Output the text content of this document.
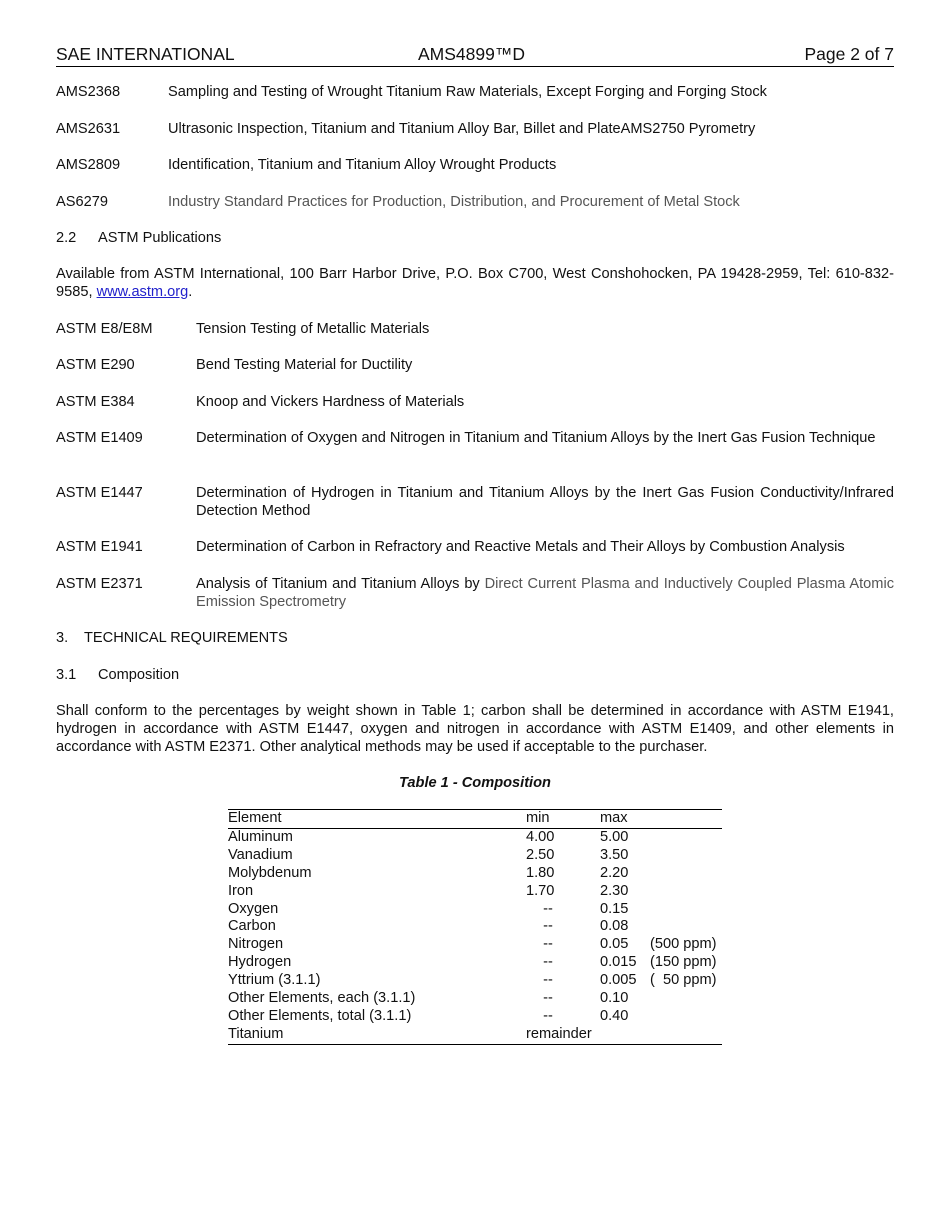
SAE INTERNATIONAL	AMS4899™D	Page 2 of 7
AMS2368	Sampling and Testing of Wrought Titanium Raw Materials, Except Forging and Forging Stock
AMS2631	Ultrasonic Inspection, Titanium and Titanium Alloy Bar, Billet and PlateAMS2750 Pyrometry
AMS2809	Identification, Titanium and Titanium Alloy Wrought Products
AS6279	Industry Standard Practices for Production, Distribution, and Procurement of Metal Stock
2.2 ASTM Publications
Available from ASTM International, 100 Barr Harbor Drive, P.O. Box C700, West Conshohocken, PA 19428-2959, Tel: 610-832-9585, www.astm.org.
ASTM E8/E8M	Tension Testing of Metallic Materials
ASTM E290	Bend Testing Material for Ductility
ASTM E384	Knoop and Vickers Hardness of Materials
ASTM E1409	Determination of Oxygen and Nitrogen in Titanium and Titanium Alloys by the Inert Gas Fusion Technique
ASTM E1447	Determination of Hydrogen in Titanium and Titanium Alloys by the Inert Gas Fusion Conductivity/Infrared Detection Method
ASTM E1941	Determination of Carbon in Refractory and Reactive Metals and Their Alloys by Combustion Analysis
ASTM E2371	Analysis of Titanium and Titanium Alloys by Direct Current Plasma and Inductively Coupled Plasma Atomic Emission Spectrometry
3. TECHNICAL REQUIREMENTS
3.1 Composition
Shall conform to the percentages by weight shown in Table 1; carbon shall be determined in accordance with ASTM E1941, hydrogen in accordance with ASTM E1447, oxygen and nitrogen in accordance with ASTM E1409, and other elements in accordance with ASTM E2371. Other analytical methods may be used if acceptable to the purchaser.
Table 1 - Composition
Element	min	max	
Aluminum	4.00	5.00	
Vanadium	2.50	3.50	
Molybdenum	1.80	2.20	
Iron	1.70	2.30	
Oxygen	--	0.15	
Carbon	--	0.08	
Nitrogen	--	0.05	(500 ppm)
Hydrogen	--	0.015	(150 ppm)
Yttrium (3.1.1)	--	0.005	(  50 ppm)
Other Elements, each (3.1.1)	--	0.10	
Other Elements, total (3.1.1)	--	0.40	
Titanium	remainder		
